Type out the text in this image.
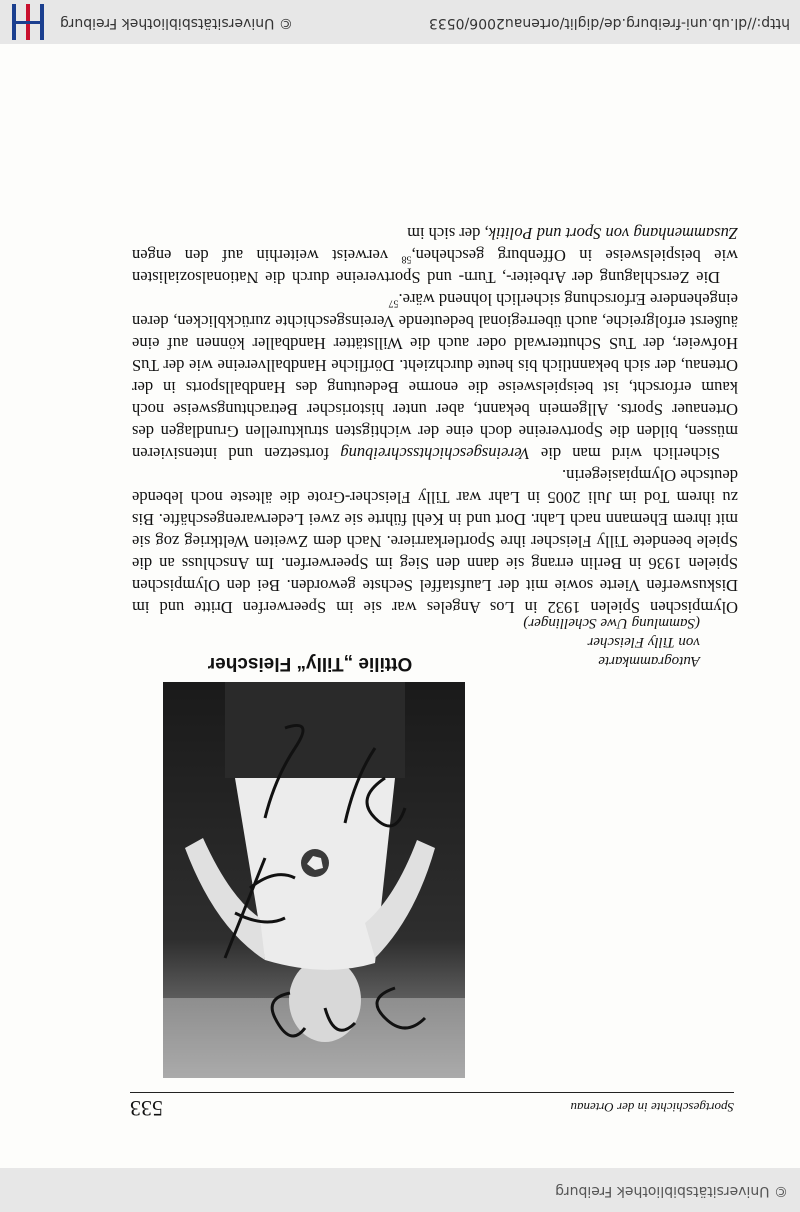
http://dl.ub.uni-freiburg.de/diglit/ortenau2006/0533
© Universitätsbibliothek Freiburg
© Universitätsbibliothek Freiburg
Sportgeschichte in der Ortenau
533
Ottilie „Tilly“ Fleischer	Autogrammkarte
von Tilly Fleischer
(Sammlung Uwe Schellinger)

Olympischen Spielen 1932 in Los Angeles war sie im Speerwerfen Dritte und im Diskuswerfen Vierte sowie mit der Laufstaffel Sechste geworden. Bei den Olympischen Spielen 1936 in Berlin errang sie dann den Sieg im Speerwerfen. Im Anschluss an die Spiele beendete Tilly Fleischer ihre Sportlerkarriere. Nach dem Zweiten Weltkrieg zog sie mit ihrem Ehemann nach Lahr. Dort und in Kehl führte sie zwei Lederwarengeschäfte. Bis zu ihrem Tod im Juli 2005 in Lahr war Tilly Fleischer-Grote die älteste noch lebende deutsche Olympiasiegerin.

Sicherlich wird man die Vereinsgeschichtsschreibung fortsetzen und intensivieren müssen, bilden die Sportvereine doch eine der wichtigsten strukturellen Grundlagen des Ortenauer Sports. Allgemein bekannt, aber unter historischer Betrachtungsweise noch kaum erforscht, ist beispielsweise die enorme Bedeutung des Handballsports in der Ortenau, der sich bekanntlich bis heute durchzieht. Dörfliche Handballvereine wie der TuS Hofweier, der TuS Schutterwald oder auch die Willstätter Handballer können auf eine äußerst erfolgreiche, auch überregional bedeutende Vereinsgeschichte zurückblicken, deren eingehendere Erforschung sicherlich lohnend wäre.$^{57}$

Die Zerschlagung der Arbeiter-, Turn- und Sportvereine durch die Nationalsozialisten wie beispielsweise in Offenburg geschehen,$^{58}$ verweist weiterhin auf den engen Zusammenhang von Sport und Politik, der sich im
